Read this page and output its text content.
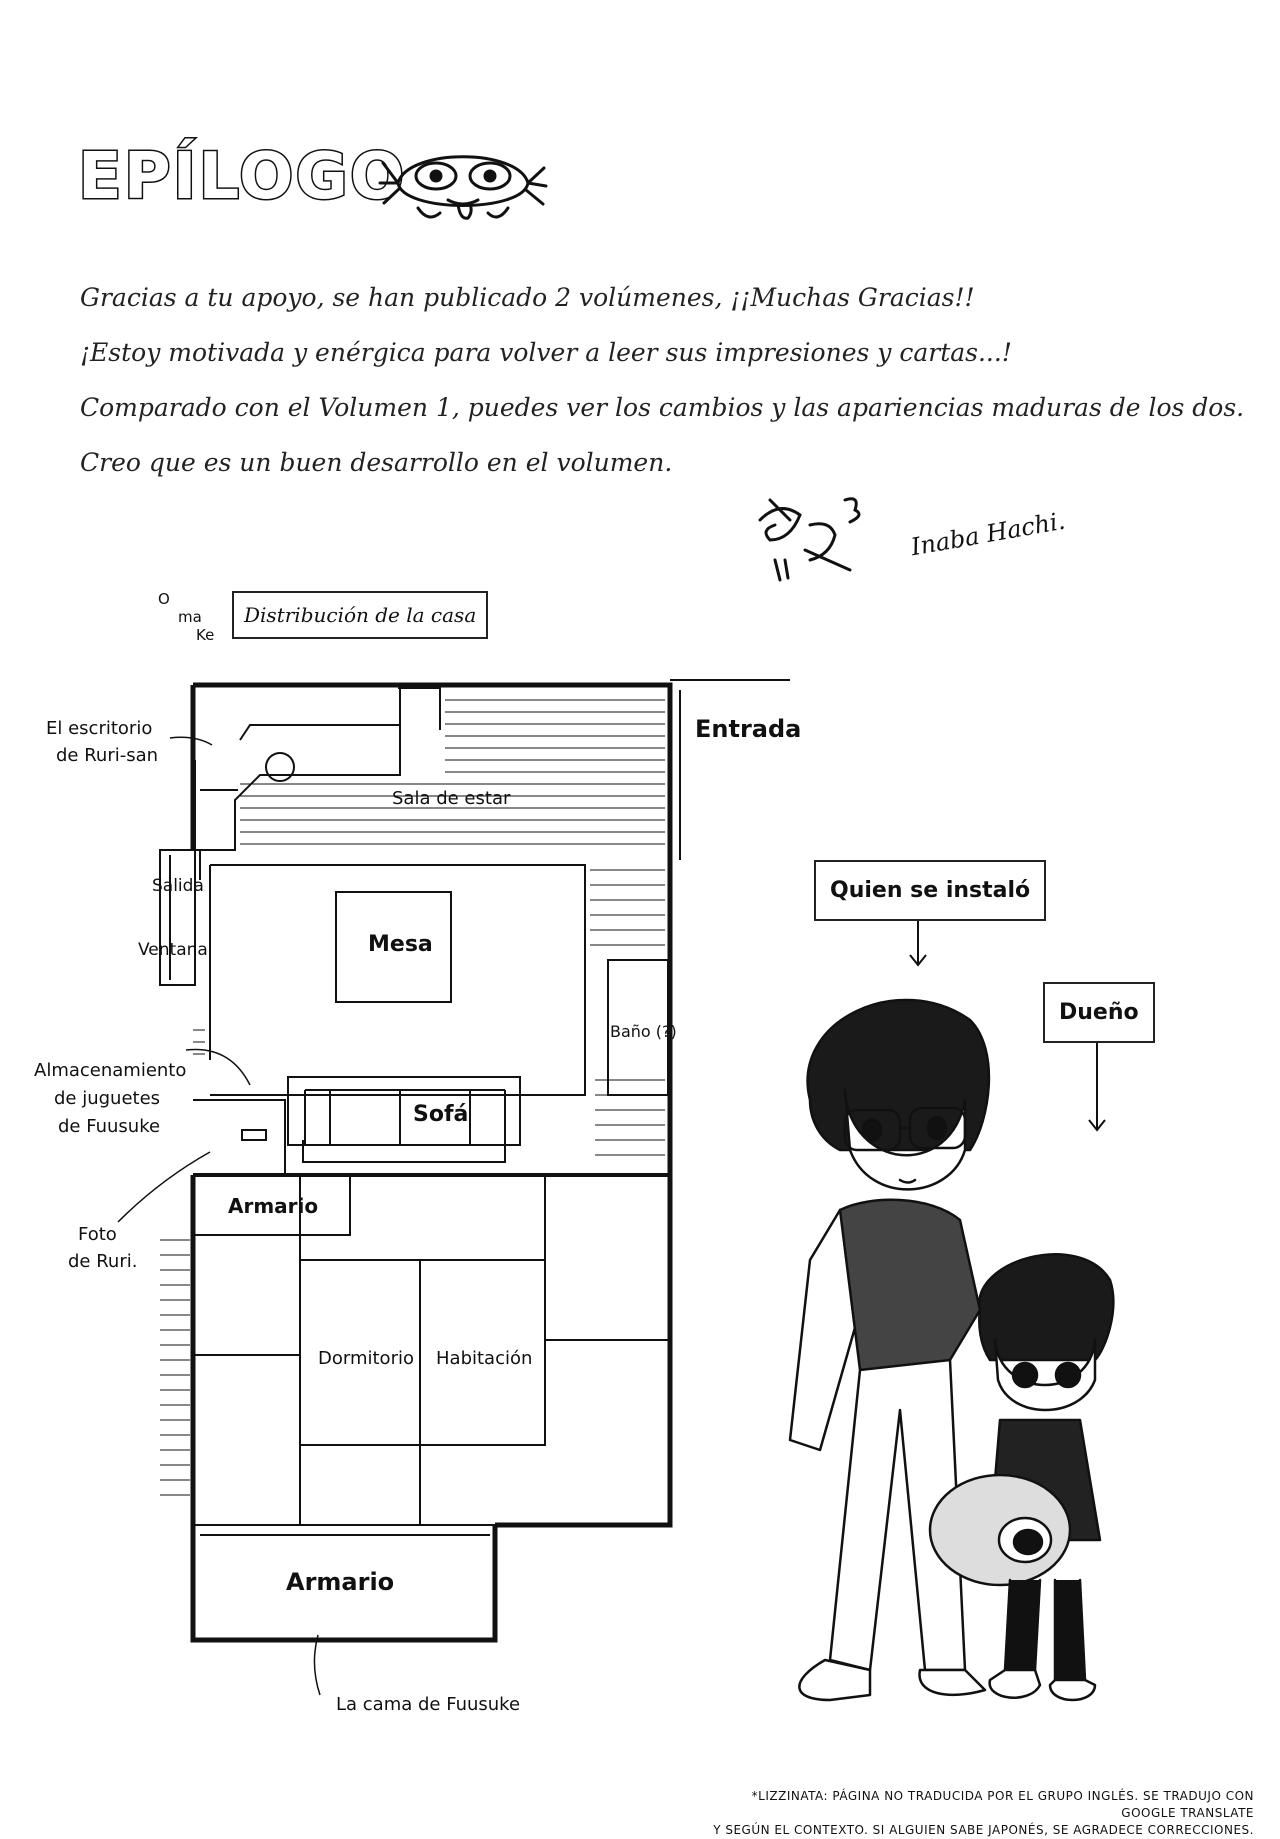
EPÍLOGO
Gracias a tu apoyo, se han publicado 2 volúmenes, ¡¡Muchas Gracias!!
¡Estoy motivada y enérgica para volver a leer sus impresiones y cartas...!
Comparado con el Volumen 1, puedes ver los cambios y las apariencias maduras de los dos.
Creo que es un buen desarrollo en el volumen.
Inaba Hachi.
O
ma
Ke
Distribución de la casa
Entrada
El escritorio
de Ruri-san
Sala de estar
Salida
Ventana	Mesa
Baño (?)
Almacenamiento
de juguetes
de Fuusuke	Sofá
Armario
Foto
de Ruri.
Dormitorio Habitación
Armario
La cama de Fuusuke
Quien se instaló
Dueño
*LIZZINATA: PÁGINA NO TRADUCIDA POR EL GRUPO INGLÉS. SE TRADUJO CON GOOGLE TRANSLATE
Y SEGÚN EL CONTEXTO. SI ALGUIEN SABE JAPONÉS, SE AGRADECE CORRECCIONES.
